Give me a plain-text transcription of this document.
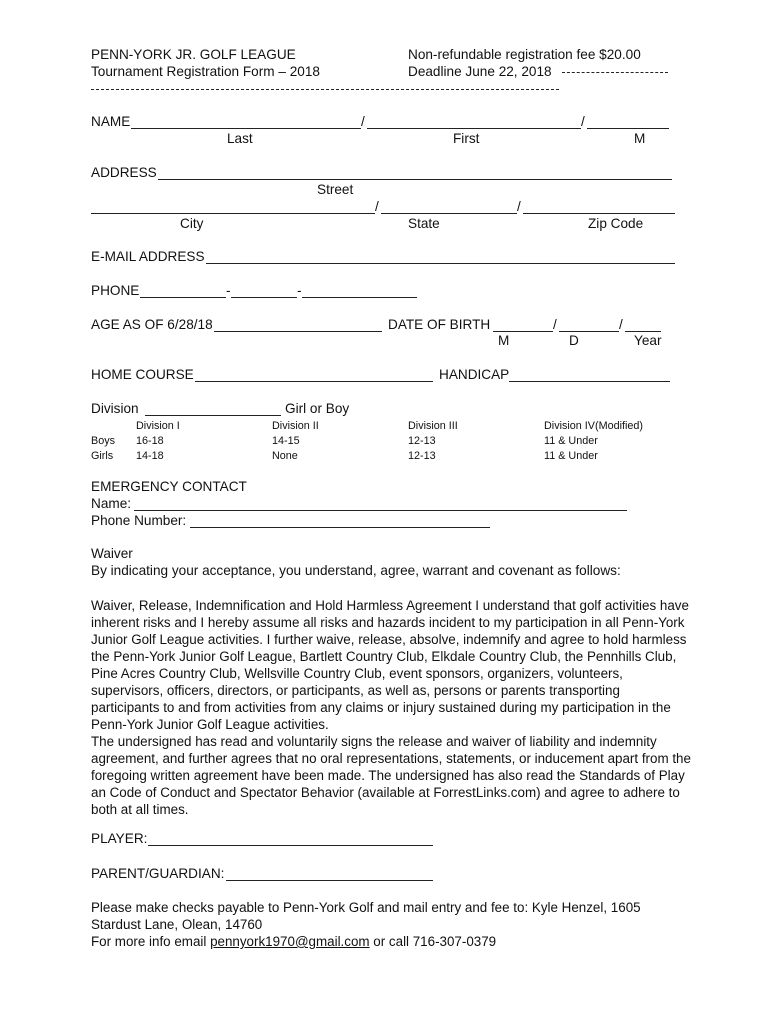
PENN-YORK JR. GOLF LEAGUE
Tournament Registration Form – 2018
Non-refundable registration fee $20.00
Deadline June 22, 2018
NAME	/	/
Last	First	M
ADDRESS
Street
/	/
City	State	Zip Code
E-MAIL ADDRESS
PHONE	-	-
AGE AS OF 6/28/18	DATE OF BIRTH	/	/
M	D	Year
HOME COURSE	HANDICAP
Division	Girl or Boy
Division I	Division II	Division III	Division IV(Modified)
Boys 16-18	14-15	12-13	11 & Under
Girls 14-18	None	12-13	11 & Under
EMERGENCY CONTACT
Name:
Phone Number:
Waiver
By indicating your acceptance, you understand, agree, warrant and covenant as follows:

Waiver, Release, Indemnification and Hold Harmless Agreement I understand that golf activities have inherent risks and I hereby assume all risks and hazards incident to my participation in all Penn-York Junior Golf League activities. I further waive, release, absolve, indemnify and agree to hold harmless the Penn-York Junior Golf League, Bartlett Country Club, Elkdale Country Club, the Pennhills Club, Pine Acres Country Club, Wellsville Country Club, event sponsors, organizers, volunteers, supervisors, officers, directors, or participants, as well as, persons or parents transporting participants to and from activities from any claims or injury sustained during my participation in the Penn-York Junior Golf League activities.

The undersigned has read and voluntarily signs the release and waiver of liability and indemnity agreement, and further agrees that no oral representations, statements, or inducement apart from the foregoing written agreement have been made. The undersigned has also read the Standards of Play an Code of Conduct and Spectator Behavior (available at ForrestLinks.com) and agree to adhere to both at all times.

PLAYER:
PARENT/GUARDIAN:

Please make checks payable to Penn-York Golf and mail entry and fee to: Kyle Henzel, 1605 Stardust Lane, Olean, 14760

For more info email pennyork1970@gmail.com or call 716-307-0379
